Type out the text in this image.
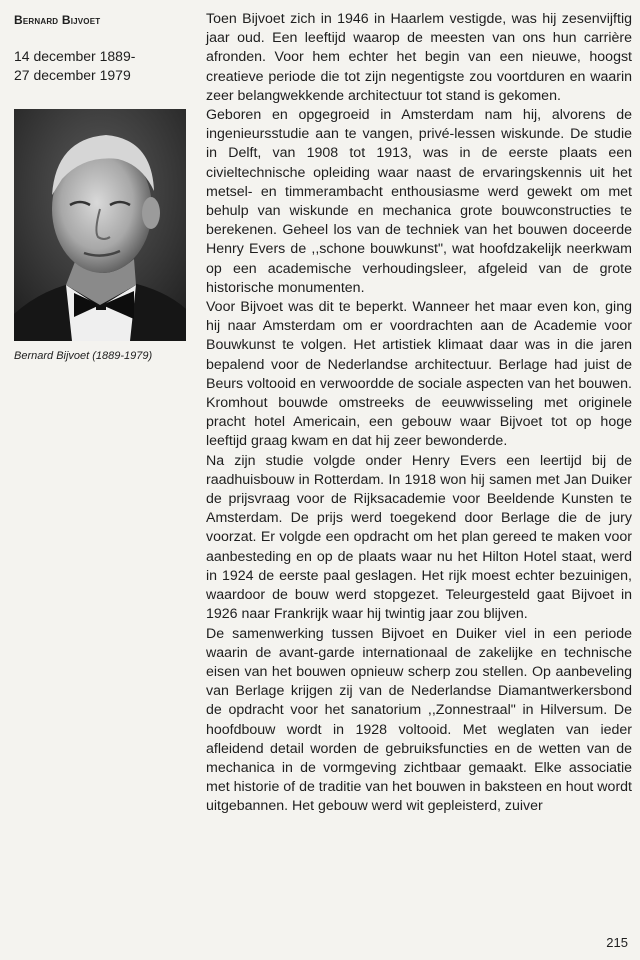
Bernard Bijvoet
14 december 1889-
27 december 1979
Bernard Bijvoet (1889-1979)

Toen Bijvoet zich in 1946 in Haarlem vestigde, was hij zesenvijftig jaar oud. Een leeftijd waarop de meesten van ons hun carrière afronden. Voor hem echter het begin van een nieuwe, hoogst creatieve periode die tot zijn negentigste zou voortduren en waarin zeer belangwekkende architectuur tot stand is gekomen.

Geboren en opgegroeid in Amsterdam nam hij, alvorens de ingenieursstudie aan te vangen, privé-lessen wiskunde. De studie in Delft, van 1908 tot 1913, was in de eerste plaats een civieltechnische opleiding waar naast de ervaringskennis uit het metsel- en timmerambacht enthousiasme werd gewekt om met behulp van wiskunde en mechanica grote bouwconstructies te berekenen. Geheel los van de techniek van het bouwen doceerde Henry Evers de ,,schone bouwkunst", wat hoofdzakelijk neerkwam op een academische verhoudingsleer, afgeleid van de grote historische monumenten.

Voor Bijvoet was dit te beperkt. Wanneer het maar even kon, ging hij naar Amsterdam om er voordrachten aan de Academie voor Bouwkunst te volgen. Het artistiek klimaat daar was in die jaren bepalend voor de Nederlandse architectuur. Berlage had juist de Beurs voltooid en verwoordde de sociale aspecten van het bouwen. Kromhout bouwde omstreeks de eeuwwisseling met originele pracht hotel Americain, een gebouw waar Bijvoet tot op hoge leeftijd graag kwam en dat hij zeer bewonderde.

Na zijn studie volgde onder Henry Evers een leertijd bij de raadhuisbouw in Rotterdam. In 1918 won hij samen met Jan Duiker de prijsvraag voor de Rijksacademie voor Beeldende Kunsten te Amsterdam. De prijs werd toegekend door Berlage die de jury voorzat. Er volgde een opdracht om het plan gereed te maken voor aanbesteding en op de plaats waar nu het Hilton Hotel staat, werd in 1924 de eerste paal geslagen. Het rijk moest echter bezuinigen, waardoor de bouw werd stopgezet. Teleurgesteld gaat Bijvoet in 1926 naar Frankrijk waar hij twintig jaar zou blijven.

De samenwerking tussen Bijvoet en Duiker viel in een periode waarin de avant-garde internationaal de zakelijke en technische eisen van het bouwen opnieuw scherp zou stellen. Op aanbeveling van Berlage krijgen zij van de Nederlandse Diamantwerkersbond de opdracht voor het sanatorium ,,Zonnestraal" in Hilversum. De hoofdbouw wordt in 1928 voltooid. Met weglaten van ieder afleidend detail worden de gebruiksfuncties en de wetten van de mechanica in de vormgeving zichtbaar gemaakt. Elke associatie met historie of de traditie van het bouwen in baksteen en hout wordt uitgebannen. Het gebouw werd wit gepleisterd, zuiver

215
